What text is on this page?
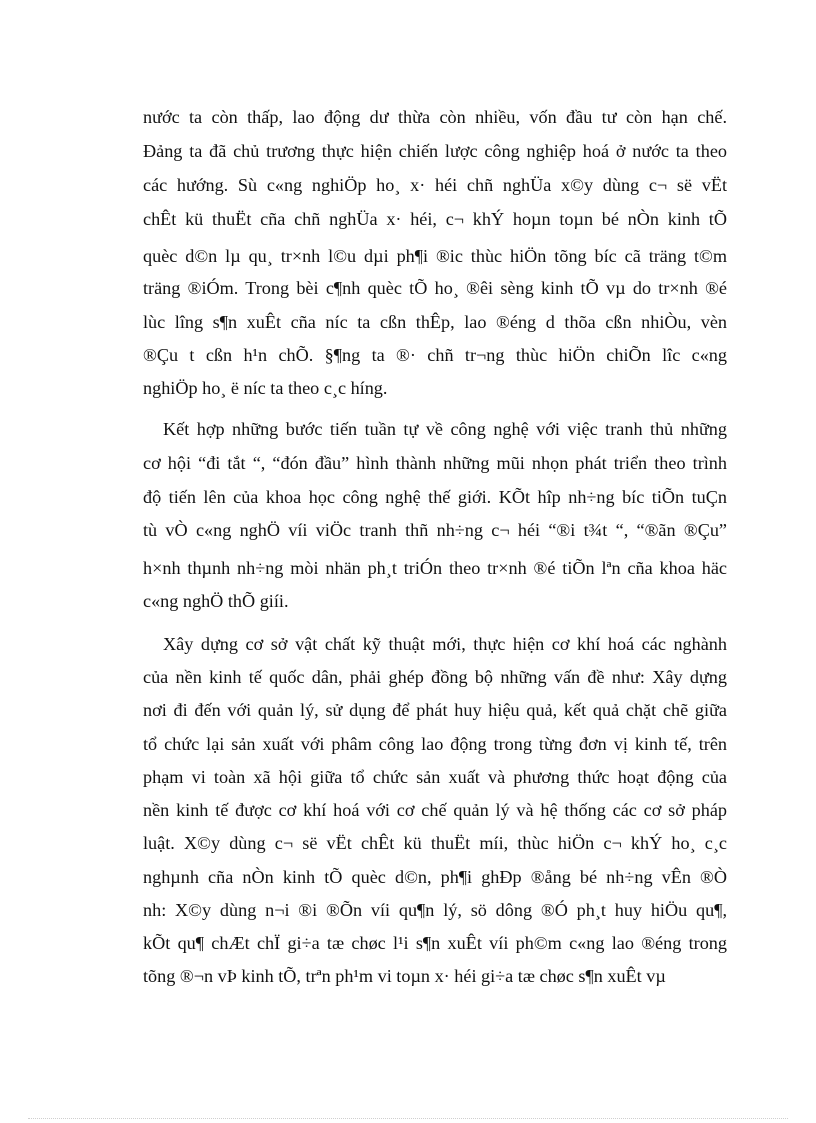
nước ta còn thấp, lao động dư thừa còn nhiều, vốn đầu tư còn hạn chế.
Đảng ta đã chủ trương thực hiện chiến lược công nghiệp hoá ở nước ta theo
các hướng. Sù c«ng nghiÖp ho¸ x· héi chñ nghÜa x©y dùng c¬ së vËt
chÊt kü thuËt cña chñ nghÜa x· héi, c¬ khÝ hoµn toµn bé nÒn kinh tÕ
quèc d©n lµ qu¸ tr×nh l©u dµi ph¶i ®ic thùc hiÖn tõng bíc cã träng t©m
träng ®iÓm. Trong bèi c¶nh quèc tÕ ho¸ ®êi sèng kinh tÕ vµ do tr×nh ®é
lùc lîng s¶n xuÊt cña níc ta cßn thÊp, lao ®éng d thõa cßn nhiÒu, vèn
®Çu t cßn h¹n chÕ. §¶ng ta ®· chñ tr¬ng thùc hiÖn chiÕn lîc c«ng
nghiÖp ho¸ ë níc ta theo c¸c híng.
Kết hợp những bước tiến tuần tự về công nghệ với việc tranh thủ những
cơ hội “đi tắt “, “đón đầu” hình thành những mũi nhọn phát triển theo trình
độ tiến lên của khoa học công nghệ thế giới. KÕt hîp nh÷ng bíc tiÕn tuÇn
tù vÒ c«ng nghÖ víi viÖc tranh thñ nh÷ng c¬ héi “®i t¾t “, “®ãn ®Çu”
h×nh thµnh nh÷ng mòi nhän ph¸t triÓn theo tr×nh ®é tiÕn lªn cña khoa häc
c«ng nghÖ thÕ giíi.
Xây dựng cơ sở vật chất kỹ thuật mới, thực hiện cơ khí hoá các nghành
của nền kinh tế quốc dân, phải ghép đồng bộ những vấn đề như: Xây dựng
nơi đi đến với quản lý, sử dụng để phát huy hiệu quả, kết quả chặt chẽ giữa
tổ chức lại sản xuất với phâm công lao động trong từng đơn vị kinh tế, trên
phạm vi toàn xã hội giữa tổ chức sản xuất và phương thức hoạt động của
nền kinh tế được cơ khí hoá với cơ chế quản lý và hệ thống các cơ sở pháp
luật. X©y dùng c¬ së vËt chÊt kü thuËt míi, thùc hiÖn c¬ khÝ ho¸ c¸c
nghµnh cña nÒn kinh tÕ quèc d©n, ph¶i ghÐp ®ång bé nh÷ng vÊn ®Ò
nh: X©y dùng n¬i ®i ®Õn víi qu¶n lý, sö dông ®Ó ph¸t huy hiÖu qu¶,
kÕt qu¶ chÆt chÏ gi÷a tæ chøc l¹i s¶n xuÊt víi ph©m c«ng lao ®éng trong
tõng ®¬n vÞ kinh tÕ, trªn ph¹m vi toµn x· héi gi÷a tæ chøc s¶n xuÊt vµ
